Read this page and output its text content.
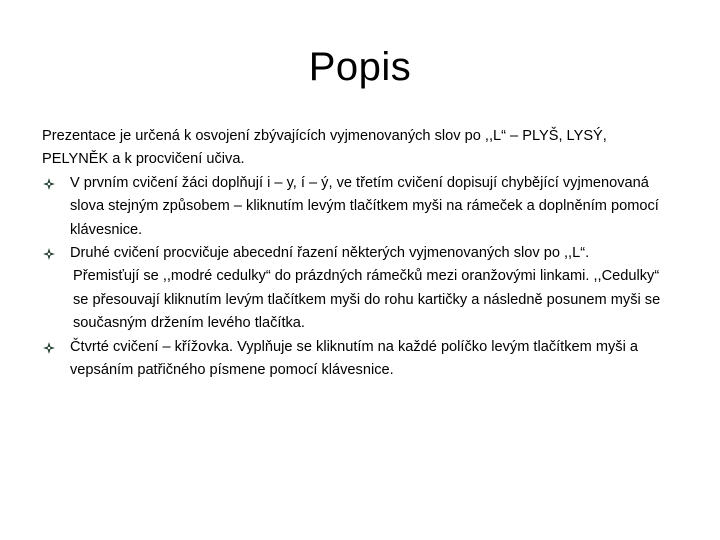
Popis

Prezentace je určená k osvojení zbývajících vyjmenovaných slov po ,,L“ – PLYŠ, LYSÝ, PELYNĚK a k procvičení učiva.

V prvním cvičení žáci doplňují i – y, í – ý, ve třetím cvičení dopisují chybějící vyjmenovaná slova stejným způsobem – kliknutím levým tlačítkem myši na rámeček a doplněním pomocí klávesnice.
Druhé cvičení procvičuje abecední řazení některých vyjmenovaných slov po ,,L“.
Přemisťují se ,,modré cedulky“ do prázdných rámečků mezi oranžovými linkami. ,,Cedulky“ se přesouvají kliknutím levým tlačítkem myši do rohu kartičky a následně posunem myši se současným držením levého tlačítka.
Čtvrté cvičení – křížovka. Vyplňuje se kliknutím na každé políčko levým tlačítkem myši a vepsáním patřičného písmene pomocí klávesnice.
